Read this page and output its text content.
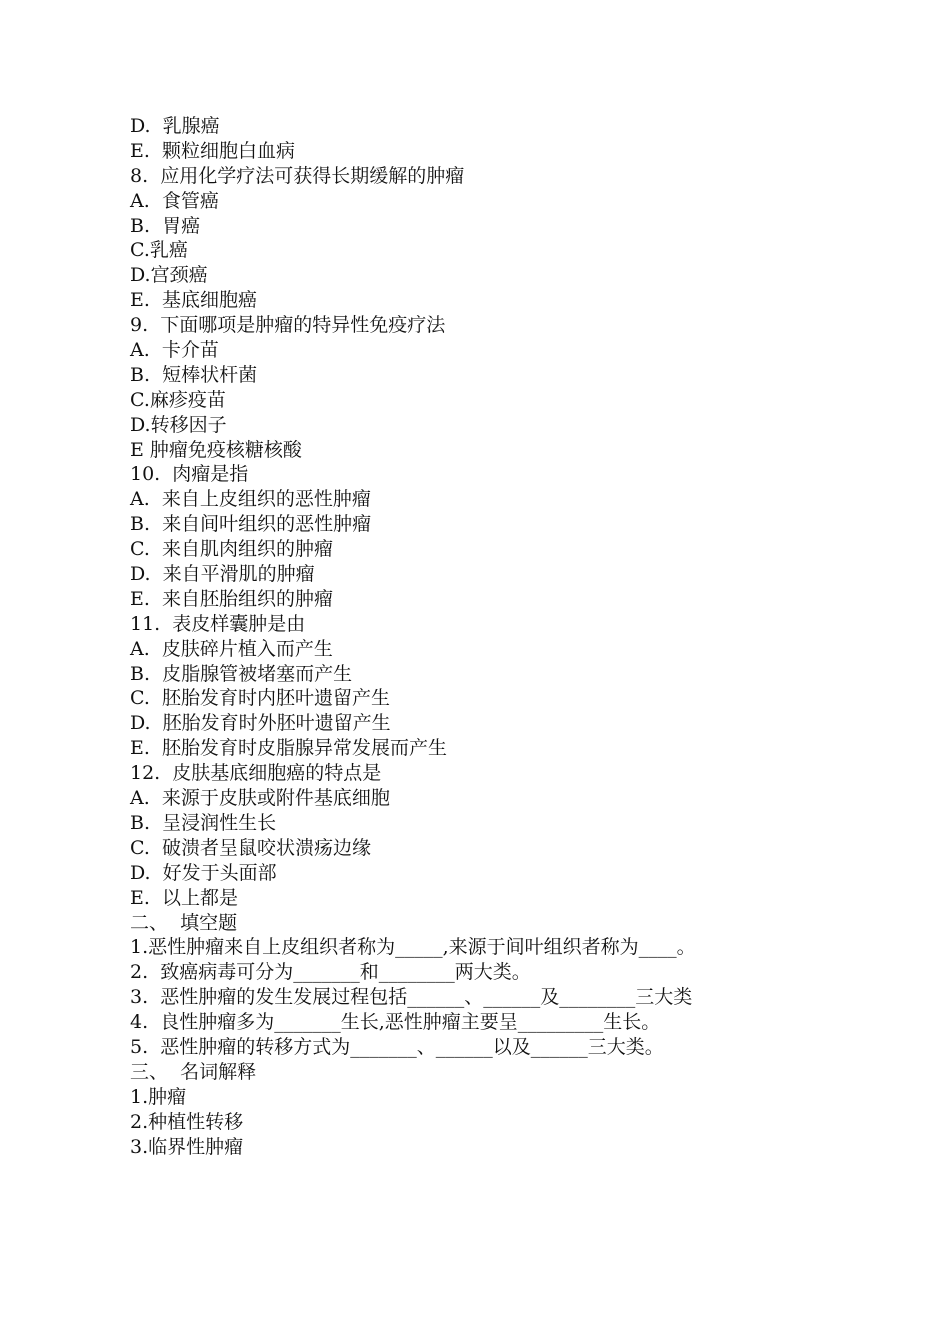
D.  乳腺癌
E.  颗粒细胞白血病
8.  应用化学疗法可获得长期缓解的肿瘤
A.  食管癌
B.  胃癌
C.乳癌
D.宫颈癌
E.  基底细胞癌
9.  下面哪项是肿瘤的特异性免疫疗法
A.  卡介苗
B.  短棒状杆菌
C.麻疹疫苗
D.转移因子
E 肿瘤免疫核糖核酸
10.  肉瘤是指
A.  来自上皮组织的恶性肿瘤
B.  来自间叶组织的恶性肿瘤
C.  来自肌肉组织的肿瘤
D.  来自平滑肌的肿瘤
E.  来自胚胎组织的肿瘤
11.  表皮样囊肿是由
A.  皮肤碎片植入而产生
B.  皮脂腺管被堵塞而产生
C.  胚胎发育时内胚叶遗留产生
D.  胚胎发育时外胚叶遗留产生
E.  胚胎发育时皮脂腺异常发展而产生
12.  皮肤基底细胞癌的特点是
A.  来源于皮肤或附件基底细胞
B.  呈浸润性生长
C.  破溃者呈鼠咬状溃疡边缘
D.  好发于头面部
E.  以上都是
二、  填空题
1.恶性肿瘤来自上皮组织者称为_____,来源于间叶组织者称为____。
2.  致癌病毒可分为_______和________两大类。
3.  恶性肿瘤的发生发展过程包括______、______及________三大类
4.  良性肿瘤多为_______生长,恶性肿瘤主要呈_________生长。
5.  恶性肿瘤的转移方式为_______、______以及______三大类。
三、  名词解释
1.肿瘤
2.种植性转移
3.临界性肿瘤
